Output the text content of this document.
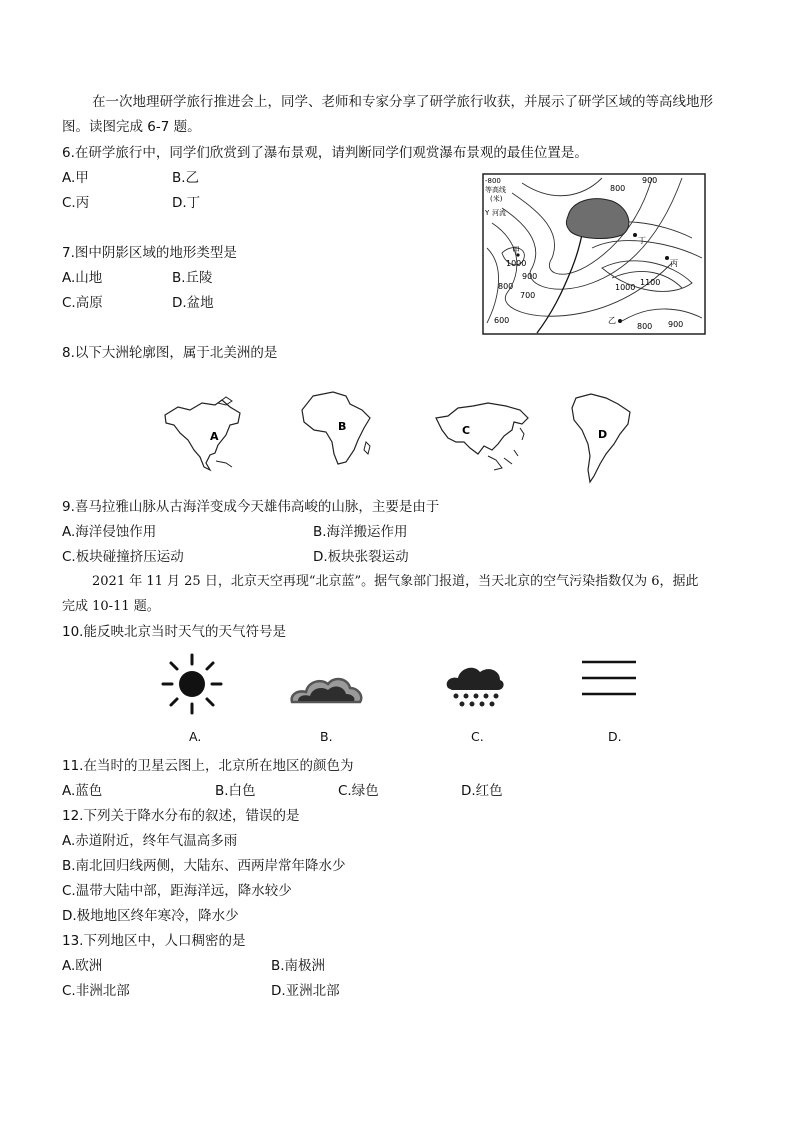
在一次地理研学旅行推进会上，同学、老师和专家分享了研学旅行收获，并展示了研学区域的等高线地形
图。读图完成 6-7 题。
6.在研学旅行中，同学们欣赏到了瀑布景观，请判断同学们观赏瀑布景观的最佳位置是。
A.甲	B.乙
C.丙	D.丁
-800
等高线
(米)
Y 河流
800
900
甲
1000
900
800
700
600
1000
1100
丁
丙
乙
800 900
7.图中阴影区域的地形类型是
A.山地	B.丘陵
C.高原	D.盆地
8.以下大洲轮廓图，属于北美洲的是
A
B	C	D
9.喜马拉雅山脉从古海洋变成今天雄伟高峻的山脉，主要是由于
A.海洋侵蚀作用	B.海洋搬运作用
C.板块碰撞挤压运动	D.板块张裂运动
2021 年 11 月 25 日，北京天空再现“北京蓝”。据气象部门报道，当天北京的空气污染指数仅为 6，据此
完成 10-11 题。
10.能反映北京当时天气的天气符号是
A.	B.	C.	D.
11.在当时的卫星云图上，北京所在地区的颜色为
A.蓝色	B.白色	C.绿色	D.红色
12.下列关于降水分布的叙述，错误的是
A.赤道附近，终年气温高多雨
B.南北回归线两侧，大陆东、西两岸常年降水少
C.温带大陆中部，距海洋远，降水较少
D.极地地区终年寒冷，降水少
13.下列地区中，人口稠密的是
A.欧洲	B.南极洲
C.非洲北部	D.亚洲北部
